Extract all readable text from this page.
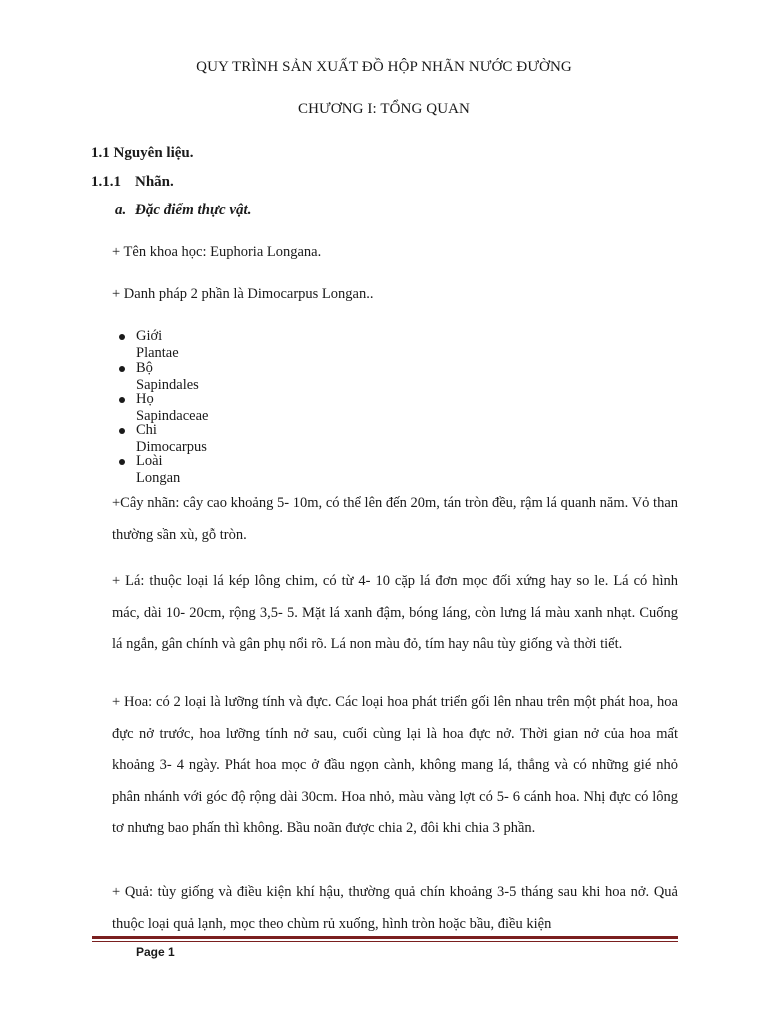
QUY TRÌNH SẢN XUẤT ĐỒ HỘP NHÃN NƯỚC ĐƯỜNG
CHƯƠNG I: TỔNG QUAN
1.1 Nguyên liệu.
1.1.1 Nhãn.
a. Đặc điểm thực vật.
+ Tên khoa học: Euphoria Longana.
+ Danh pháp 2 phần là Dimocarpus Longan..
Giới Plantae
Bộ Sapindales
Họ Sapindaceae
Chi Dimocarpus
Loài Longan
+Cây nhãn: cây cao khoảng 5- 10m, có thể lên đến 20m, tán tròn đều, rậm lá quanh năm. Vỏ than thường sần xù, gỗ tròn.
+ Lá: thuộc loại lá kép lông chim, có từ 4- 10 cặp lá đơn mọc đối xứng hay so le. Lá có hình mác, dài 10- 20cm, rộng 3,5- 5. Mặt lá xanh đậm, bóng láng, còn lưng lá màu xanh nhạt. Cuống lá ngắn, gân chính và gân phụ nổi rõ. Lá non màu đỏ, tím hay nâu tùy giống và thời tiết.
+ Hoa: có 2 loại là lưỡng tính và đực. Các loại hoa phát triển gối lên nhau trên một phát hoa, hoa đực nở trước, hoa lưỡng tính nở sau, cuối cùng lại là hoa đực nở. Thời gian nở của hoa mất khoảng 3- 4 ngày. Phát hoa mọc ở đầu ngọn cành, không mang lá, thẳng và có những gié nhỏ phân nhánh với góc độ rộng dài 30cm. Hoa nhỏ, màu vàng lợt có 5- 6 cánh hoa. Nhị đực có lông tơ nhưng bao phấn thì không. Bầu noãn được chia 2, đôi khi chia 3 phần.
+ Quả: tùy giống và điều kiện khí hậu, thường quả chín khoảng 3-5 tháng sau khi hoa nở. Quả thuộc loại quả lạnh, mọc theo chùm rủ xuống, hình tròn hoặc bầu, điều kiện
Page 1
